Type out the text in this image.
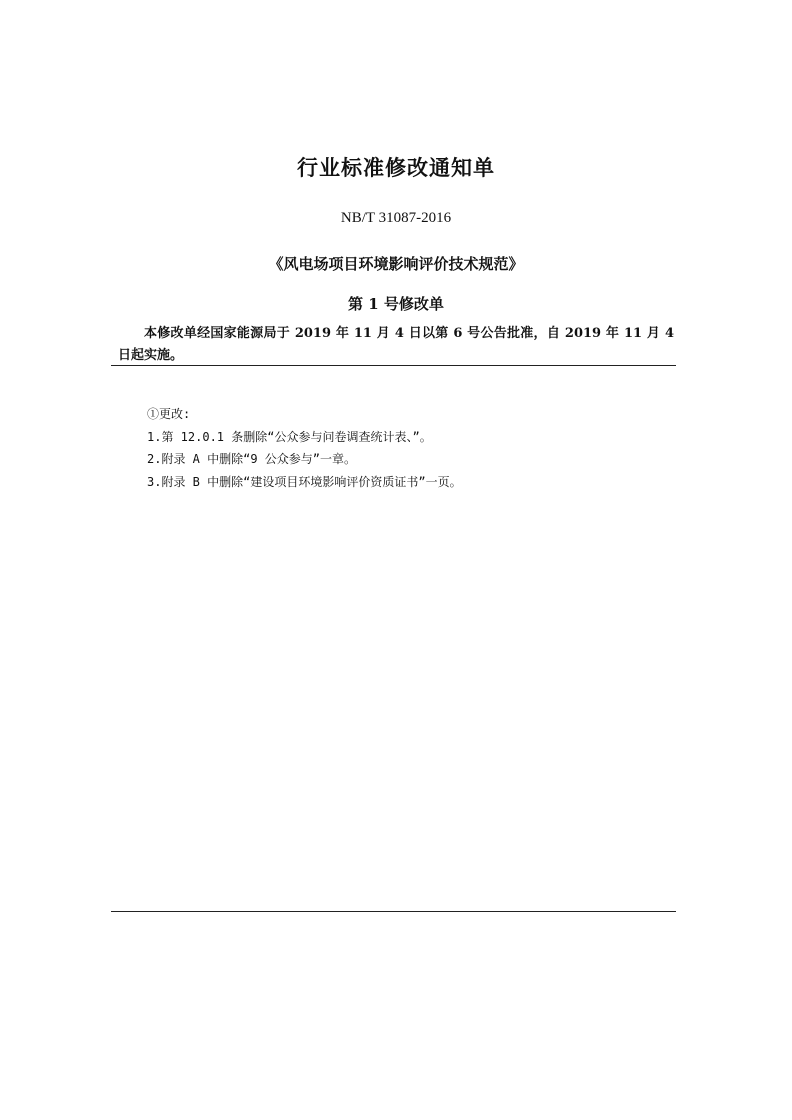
行业标准修改通知单
NB/T 31087-2016
《风电场项目环境影响评价技术规范》
第 1 号修改单
本修改单经国家能源局于 2019 年 11 月 4 日以第 6 号公告批准，自 2019 年 11 月 4 日起实施。
①更改:
1.第 12.0.1 条删除“公众参与问卷调查统计表、”。
2.附录 A 中删除“9 公众参与”一章。
3.附录 B 中删除“建设项目环境影响评价资质证书”一页。
